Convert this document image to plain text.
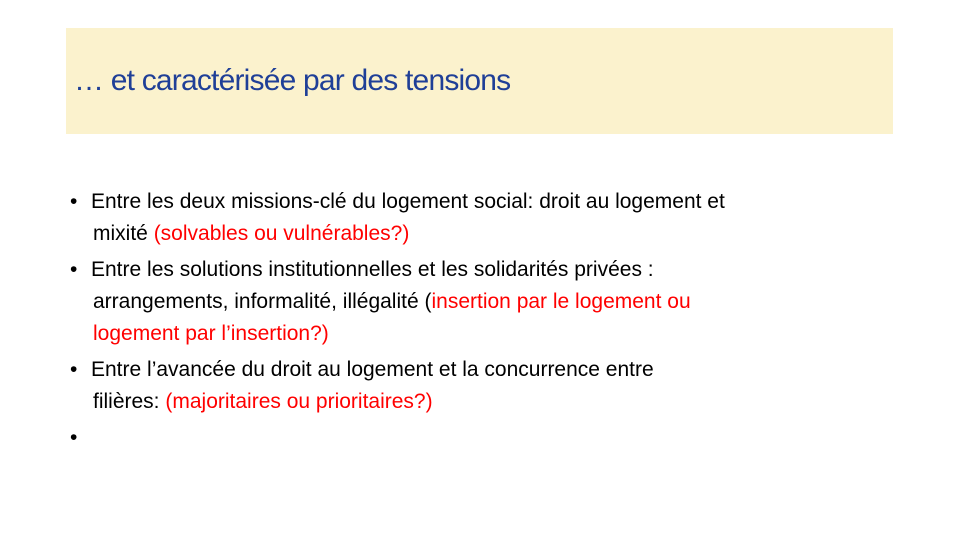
… et caractérisée par des tensions
• Entre les deux missions-clé du logement social: droit au logement et
mixité (solvables ou vulnérables?)
• Entre les solutions institutionnelles et les solidarités privées :
arrangements, informalité, illégalité (insertion par le logement ou
logement par l’insertion?)
• Entre l’avancée du droit au logement et la concurrence entre
filières: (majoritaires ou prioritaires?)
•
